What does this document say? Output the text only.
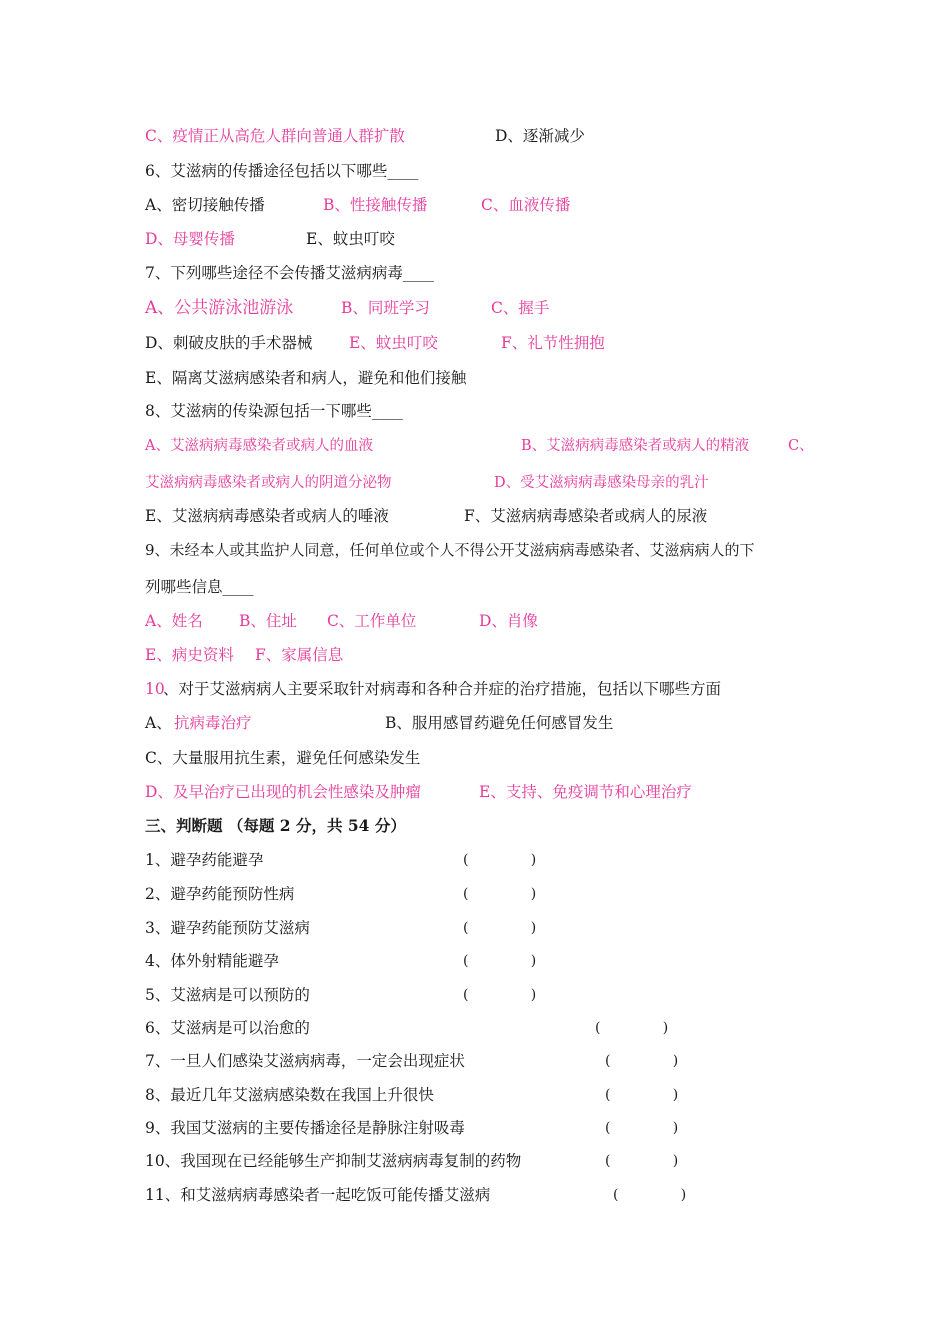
C、疫情正从高危人群向普通人群扩散	D、逐渐减少
6、艾滋病的传播途径包括以下哪些____
A、密切接触传播	B、性接触传播	C、血液传播
D、母婴传播	E、蚊虫叮咬
7、下列哪些途径不会传播艾滋病病毒____
A、公共游泳池游泳	B、同班学习	C、握手
D、刺破皮肤的手术器械 E、蚊虫叮咬	F、礼节性拥抱
E、隔离艾滋病感染者和病人，避免和他们接触
8、艾滋病的传染源包括一下哪些____
A、艾滋病病毒感染者或病人的血液	B、艾滋病病毒感染者或病人的精液	C、
艾滋病病毒感染者或病人的阴道分泌物	D、受艾滋病病毒感染母亲的乳汁
E、艾滋病病毒感染者或病人的唾液	F、艾滋病病毒感染者或病人的尿液
9、未经本人或其监护人同意，任何单位或个人不得公开艾滋病病毒感染者、艾滋病病人的下
列哪些信息____
A、姓名 B、住址 C、工作单位	D、肖像
E、病史资料 F、家属信息
10
、对于艾滋病病人主要采取针对病毒和各种合并症的治疗措施，包括以下哪些方面
A、 抗病毒治疗	B、服用感冒药避免任何感冒发生
C、大量服用抗生素，避免任何感染发生
D、及早治疗已出现的机会性感染及肿瘤	E、支持、免疫调节和心理治疗
三、判断题 （每题 2 分，共 54 分）
1、避孕药能避孕	(              )
2、避孕药能预防性病	(              )
3、避孕药能预防艾滋病	(              )
4、体外射精能避孕	(              )
5、艾滋病是可以预防的	(              )
6、艾滋病是可以治愈的	(              )
7、一旦人们感染艾滋病病毒，一定会出现症状	(              )
8、最近几年艾滋病感染数在我国上升很快	(              )
9、我国艾滋病的主要传播途径是静脉注射吸毒	(              )
10、我国现在已经能够生产抑制艾滋病病毒复制的药物	(              )
11、和艾滋病病毒感染者一起吃饭可能传播艾滋病	(              )
